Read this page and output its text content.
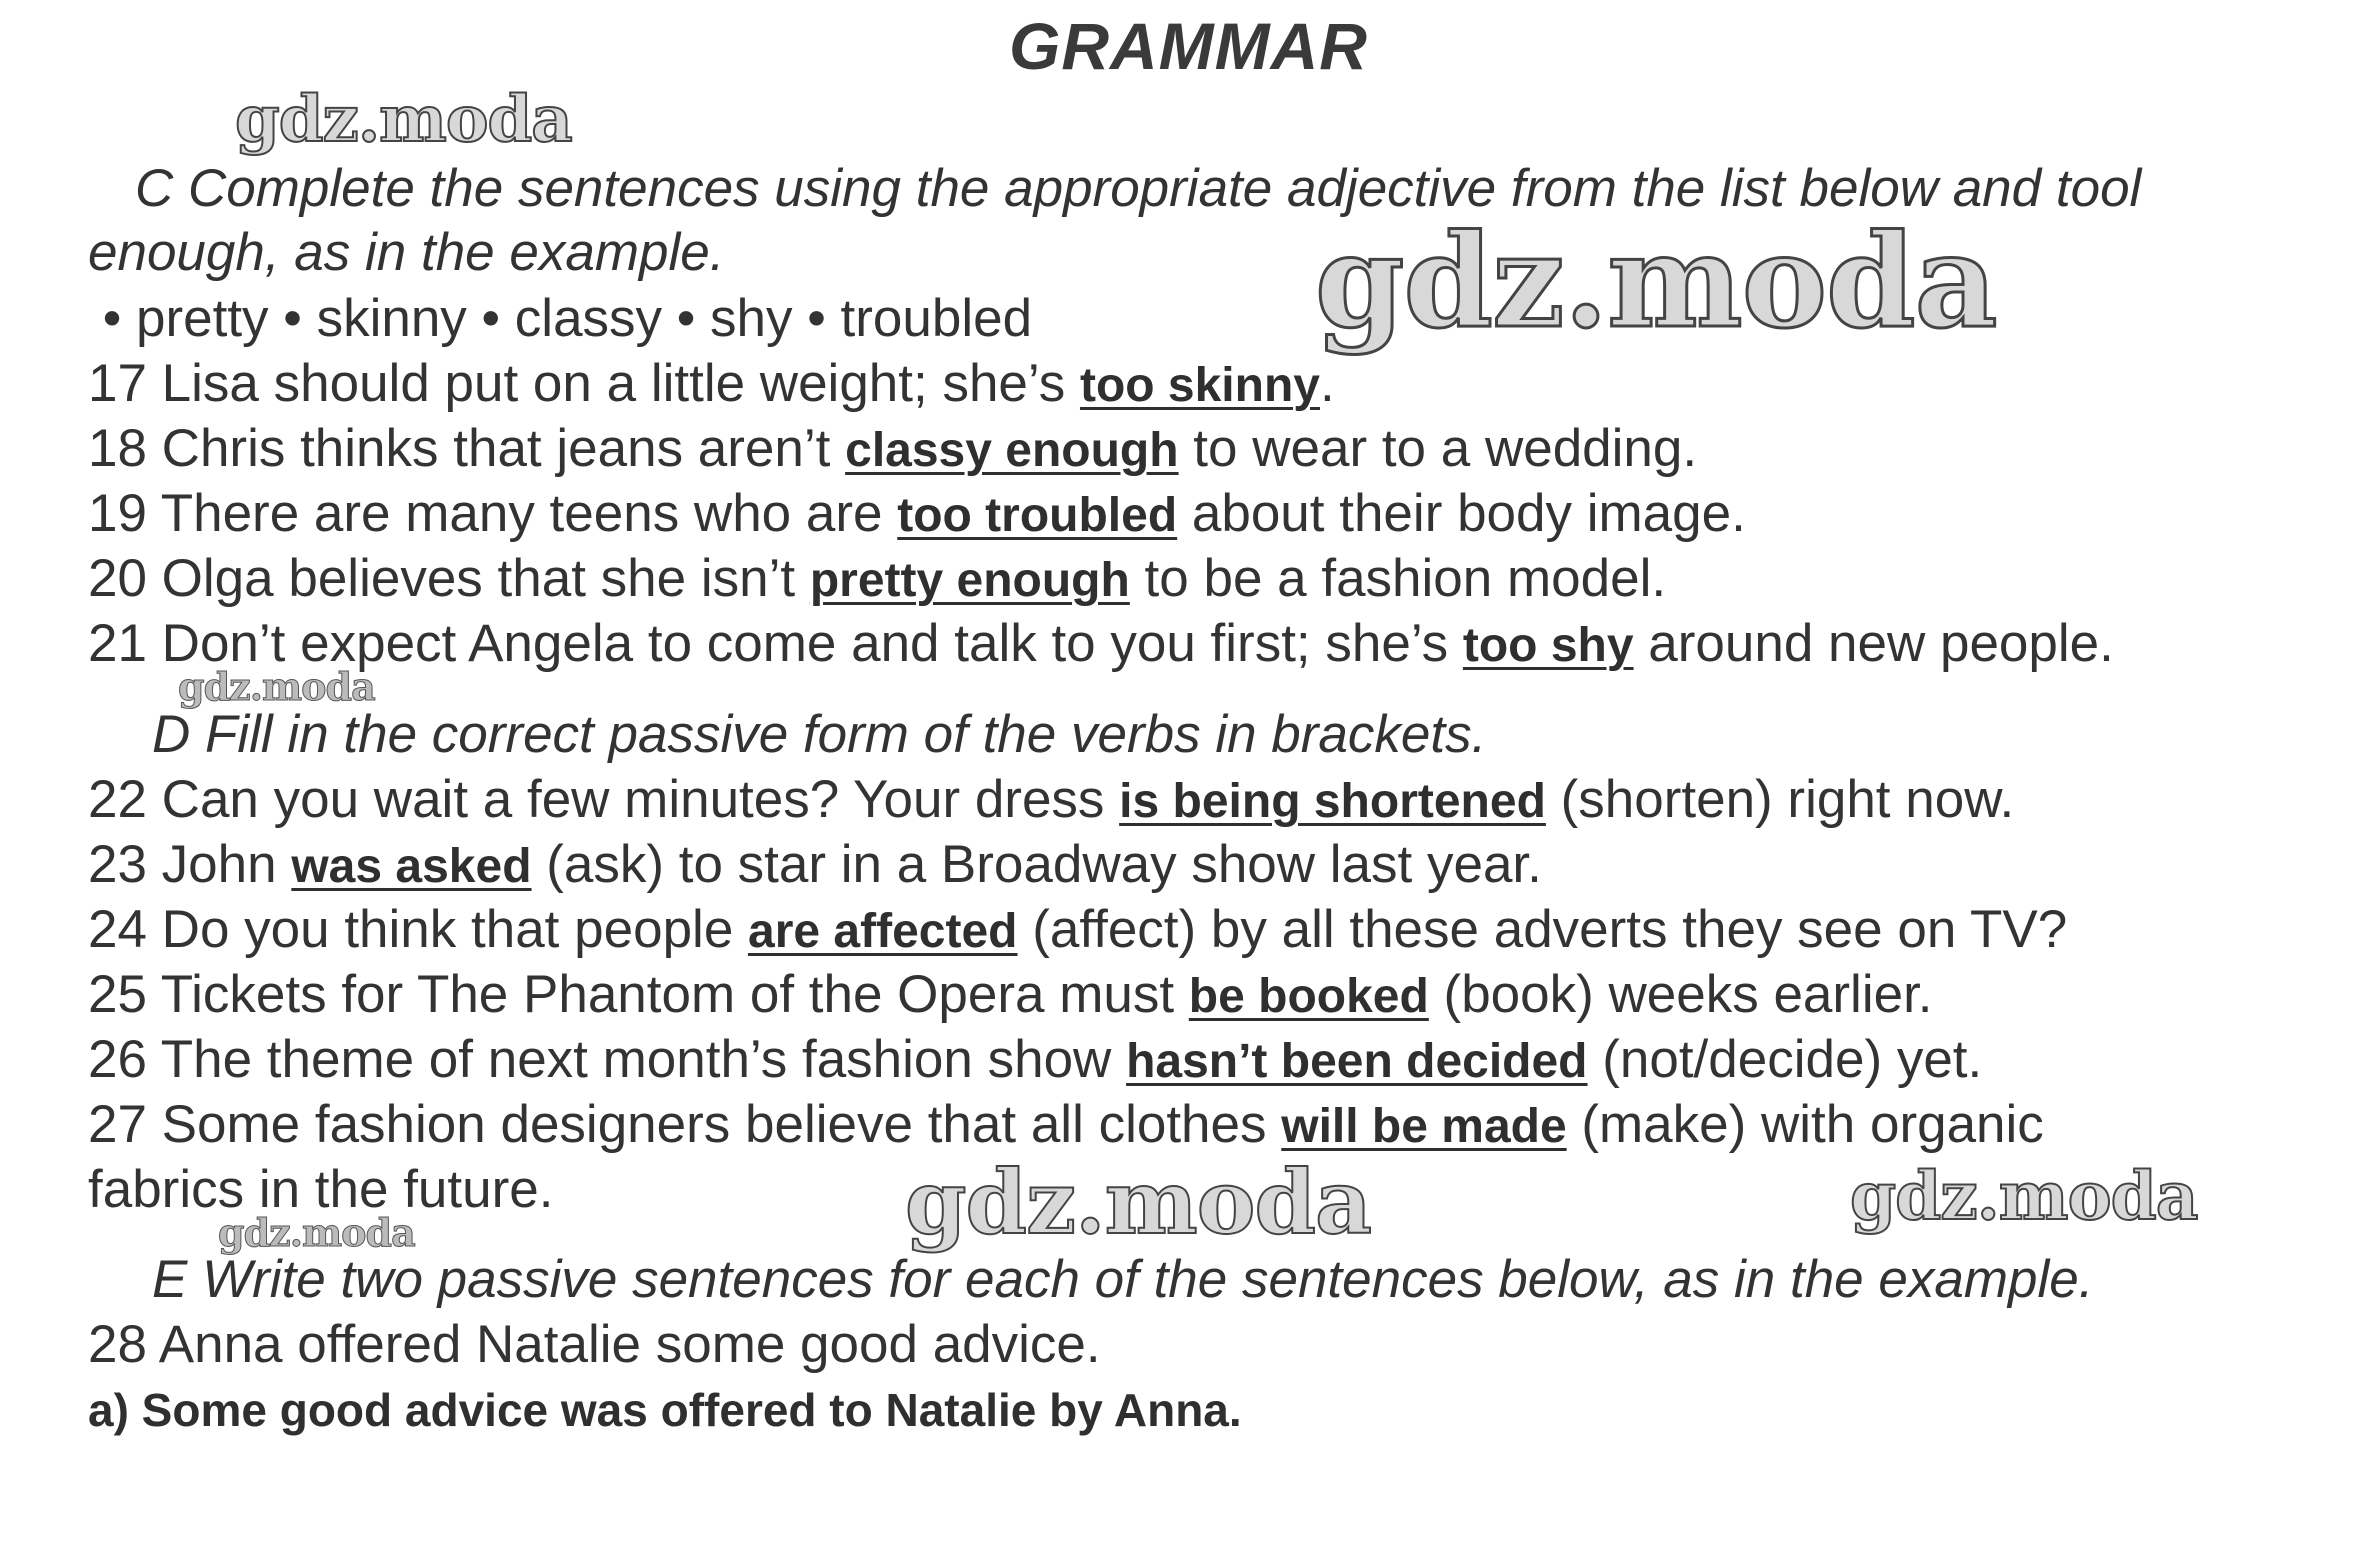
GRAMMAR
gdz.moda
gdz.moda
gdz.moda
gdz.moda	gdz.moda
gdz.moda
C Complete the sentences using the appropriate adjective from the list below and tool
enough, as in the example.
• pretty • skinny • classy • shy • troubled
17 Lisa should put on a little weight; she’s too skinny.
18 Chris thinks that jeans aren’t classy enough to wear to a wedding.
19 There are many teens who are too troubled about their body image.
20 Olga believes that she isn’t pretty enough to be a fashion model.
21 Don’t expect Angela to come and talk to you first; she’s too shy around new people.
D Fill in the correct passive form of the verbs in brackets.
22 Can you wait a few minutes? Your dress is being shortened (shorten) right now.
23 John was asked (ask) to star in a Broadway show last year.
24 Do you think that people are affected (affect) by all these adverts they see on TV?
25 Tickets for The Phantom of the Opera must be booked (book) weeks earlier.
26 The theme of next month’s fashion show hasn’t been decided (not/decide) yet.
27 Some fashion designers believe that all clothes will be made (make) with organic
fabrics in the future.
E Write two passive sentences for each of the sentences below, as in the example.
28 Anna offered Natalie some good advice.
a) Some good advice was offered to Natalie by Anna.
